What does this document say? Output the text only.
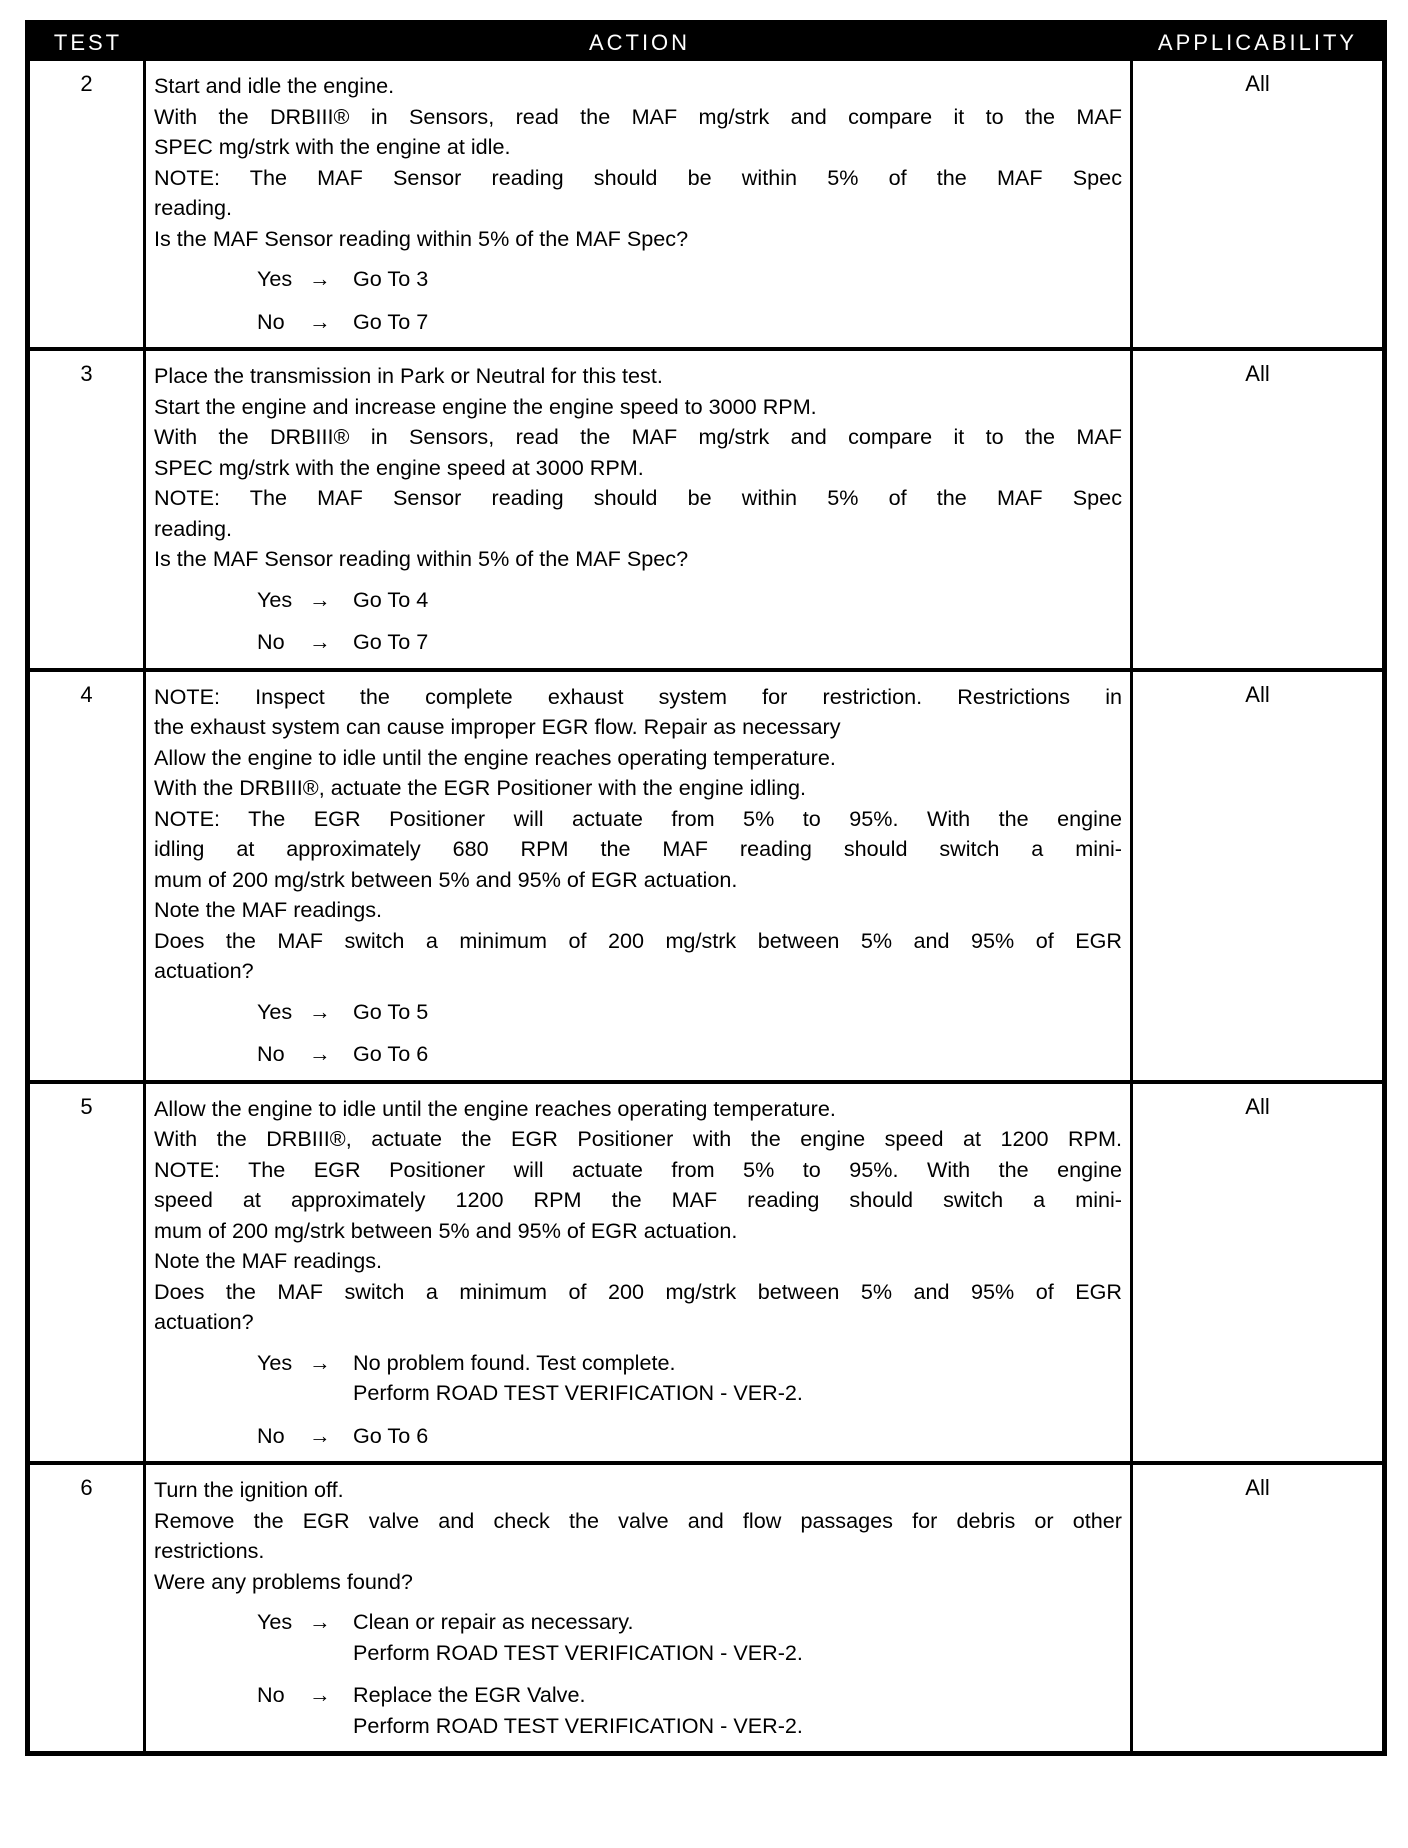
TEST	ACTION	APPLICABILITY
2	Start and idle the engine.
With the DRBIII® in Sensors, read the MAF mg/strk and compare it to the MAF
SPEC mg/strk with the engine at idle.
NOTE: The MAF Sensor reading should be within 5% of the MAF Spec
reading.
Is the MAF Sensor reading within 5% of the MAF Spec?
Yes →	Go To 3
No	→	Go To 7
All
3	Place the transmission in Park or Neutral for this test.
Start the engine and increase engine the engine speed to 3000 RPM.
With the DRBIII® in Sensors, read the MAF mg/strk and compare it to the MAF
SPEC mg/strk with the engine speed at 3000 RPM.
NOTE: The MAF Sensor reading should be within 5% of the MAF Spec
reading.
Is the MAF Sensor reading within 5% of the MAF Spec?
Yes →	Go To 4
No	→	Go To 7
All
4	NOTE: Inspect the complete exhaust system for restriction. Restrictions in
the exhaust system can cause improper EGR flow. Repair as necessary
Allow the engine to idle until the engine reaches operating temperature.
With the DRBIII®, actuate the EGR Positioner with the engine idling.
NOTE: The EGR Positioner will actuate from 5% to 95%. With the engine
idling at approximately 680 RPM the MAF reading should switch a mini-
mum of 200 mg/strk between 5% and 95% of EGR actuation.
Note the MAF readings.
Does the MAF switch a minimum of 200 mg/strk between 5% and 95% of EGR
actuation?
Yes →	Go To 5
No	→	Go To 6
All
5	Allow the engine to idle until the engine reaches operating temperature.
With the DRBIII®, actuate the EGR Positioner with the engine speed at 1200 RPM.
NOTE: The EGR Positioner will actuate from 5% to 95%. With the engine
speed at approximately 1200 RPM the MAF reading should switch a mini-
mum of 200 mg/strk between 5% and 95% of EGR actuation.
Note the MAF readings.
Does the MAF switch a minimum of 200 mg/strk between 5% and 95% of EGR
actuation?
Yes →	No problem found. Test complete.
Perform ROAD TEST VERIFICATION - VER-2.
No	→	Go To 6
All
6	Turn the ignition off.
Remove the EGR valve and check the valve and flow passages for debris or other
restrictions.
Were any problems found?
Yes →	Clean or repair as necessary.
Perform ROAD TEST VERIFICATION - VER-2.
No	→	Replace the EGR Valve.
Perform ROAD TEST VERIFICATION - VER-2.
All
